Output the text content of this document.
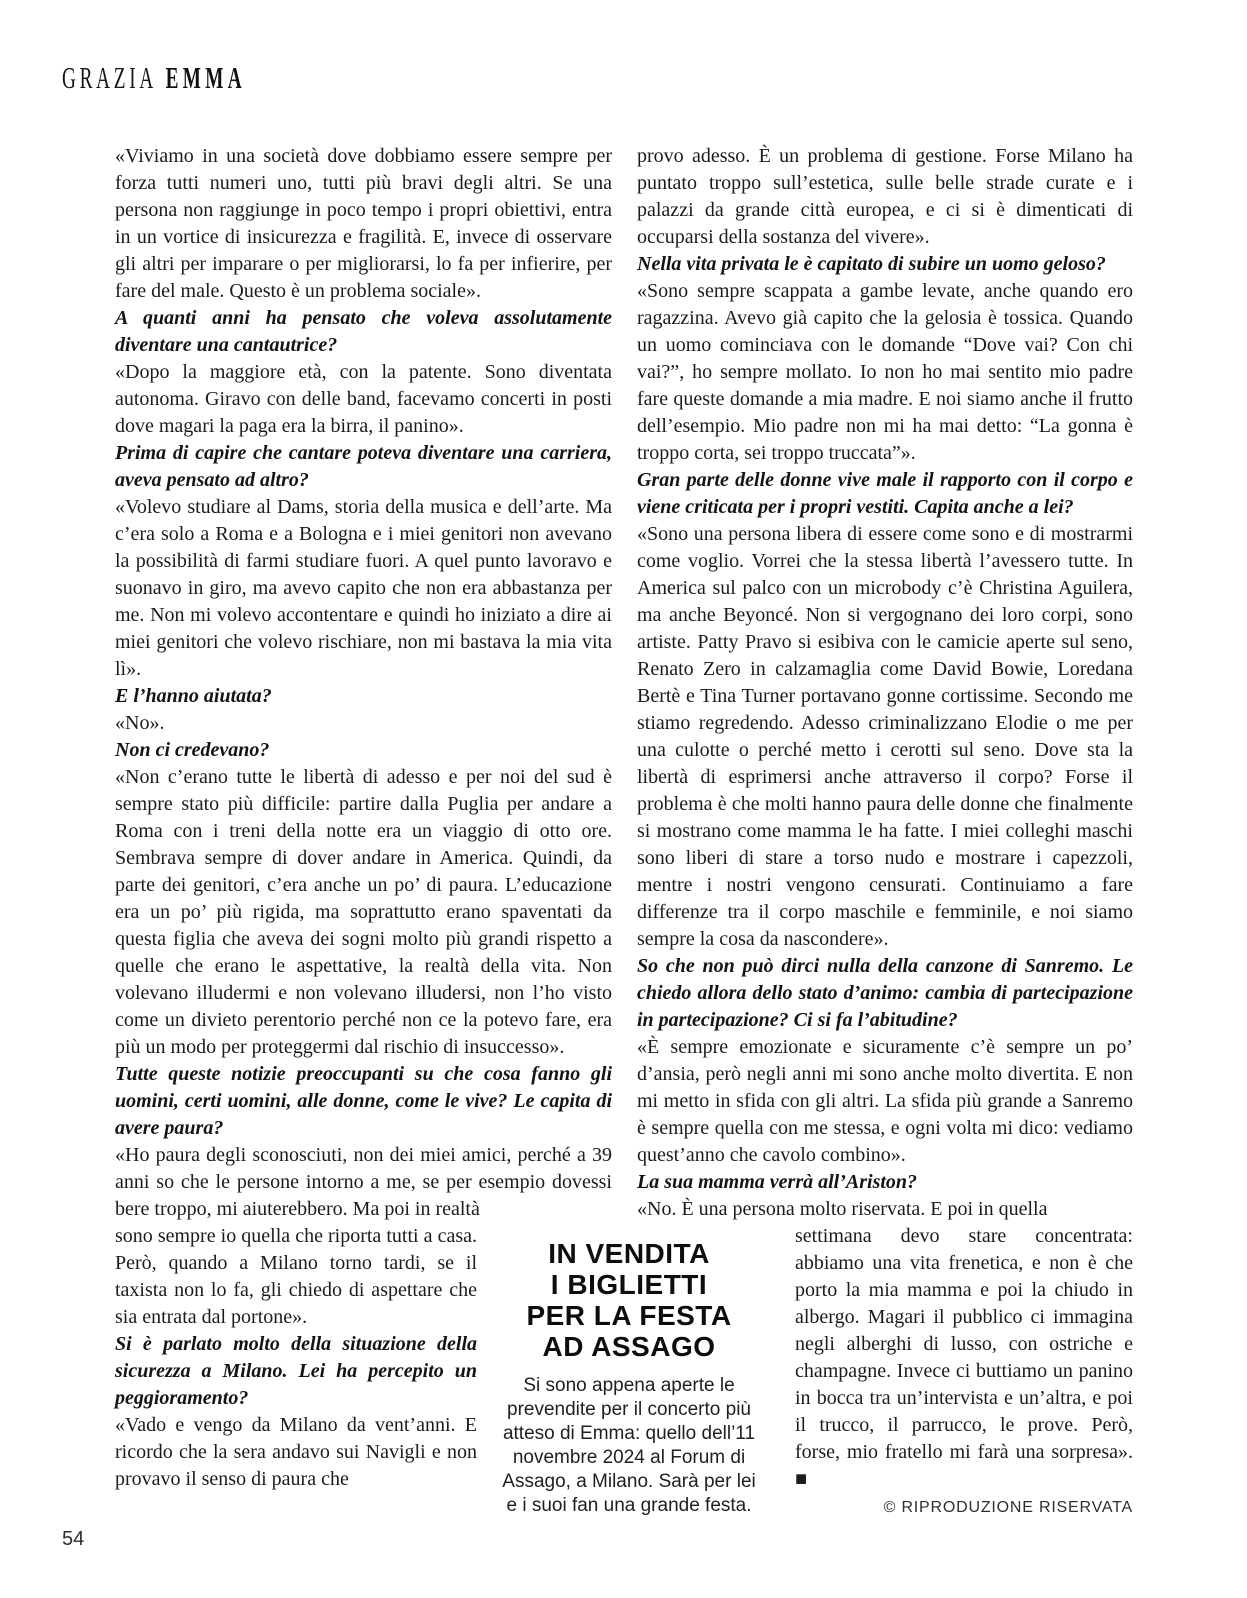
GRAZIA EMMA

«Viviamo in una società dove dobbiamo essere sempre per forza tutti numeri uno, tutti più bravi degli altri. Se una persona non raggiunge in poco tempo i propri obiettivi, entra in un vortice di insicurezza e fragilità. E, invece di osservare gli altri per imparare o per migliorarsi, lo fa per infierire, per fare del male. Questo è un problema sociale».

A quanti anni ha pensato che voleva assolutamente diventare una cantautrice?

«Dopo la maggiore età, con la patente. Sono diventata autonoma. Giravo con delle band, facevamo concerti in posti dove magari la paga era la birra, il panino».

Prima di capire che cantare poteva diventare una carriera, aveva pensato ad altro?

«Volevo studiare al Dams, storia della musica e dell’arte. Ma c’era solo a Roma e a Bologna e i miei genitori non avevano la possibilità di farmi studiare fuori. A quel punto lavoravo e suonavo in giro, ma avevo capito che non era abbastanza per me. Non mi volevo accontentare e quindi ho iniziato a dire ai miei genitori che volevo rischiare, non mi bastava la mia vita lì».

E l’hanno aiutata?

«No».

Non ci credevano?

«Non c’erano tutte le libertà di adesso e per noi del sud è sempre stato più difficile: partire dalla Puglia per andare a Roma con i treni della notte era un viaggio di otto ore. Sembrava sempre di dover andare in America. Quindi, da parte dei genitori, c’era anche un po’ di paura. L’educazione era un po’ più rigida, ma soprattutto erano spaventati da questa figlia che aveva dei sogni molto più grandi rispetto a quelle che erano le aspettative, la realtà della vita. Non volevano illudermi e non volevano illudersi, non l’ho visto come un divieto perentorio perché non ce la potevo fare, era più un modo per proteggermi dal rischio di insuccesso».

Tutte queste notizie preoccupanti su che cosa fanno gli uomini, certi uomini, alle donne, come le vive? Le capita di avere paura?

«Ho paura degli sconosciuti, non dei miei amici, perché a 39 anni so che le persone intorno a me, se per esempio dovessi bere troppo, mi aiuterebbero. Ma poi in realtà

sono sempre io quella che riporta tutti a casa. Però, quando a Milano torno tardi, se il taxista non lo fa, gli chiedo di aspettare che sia entrata dal portone».

Si è parlato molto della situazione della sicurezza a Milano. Lei ha percepito un peggioramento?

«Vado e vengo da Milano da vent’anni. E ricordo che la sera andavo sui Navigli e non provavo il senso di paura che

provo adesso. È un problema di gestione. Forse Milano ha puntato troppo sull’estetica, sulle belle strade curate e i palazzi da grande città europea, e ci si è dimenticati di occuparsi della sostanza del vivere».

Nella vita privata le è capitato di subire un uomo geloso?

«Sono sempre scappata a gambe levate, anche quando ero ragazzina. Avevo già capito che la gelosia è tossica. Quando un uomo cominciava con le domande “Dove vai? Con chi vai?”, ho sempre mollato. Io non ho mai sentito mio padre fare queste domande a mia madre. E noi siamo anche il frutto dell’esempio. Mio padre non mi ha mai detto: “La gonna è troppo corta, sei troppo truccata”».

Gran parte delle donne vive male il rapporto con il corpo e viene criticata per i propri vestiti. Capita anche a lei?

«Sono una persona libera di essere come sono e di mostrarmi come voglio. Vorrei che la stessa libertà l’avessero tutte. In America sul palco con un microbody c’è Christina Aguilera, ma anche Beyoncé. Non si vergognano dei loro corpi, sono artiste. Patty Pravo si esibiva con le camicie aperte sul seno, Renato Zero in calzamaglia come David Bowie, Loredana Bertè e Tina Turner portavano gonne cortissime. Secondo me stiamo regredendo. Adesso criminalizzano Elodie o me per una culotte o perché metto i cerotti sul seno. Dove sta la libertà di esprimersi anche attraverso il corpo? Forse il problema è che molti hanno paura delle donne che finalmente si mostrano come mamma le ha fatte. I miei colleghi maschi sono liberi di stare a torso nudo e mostrare i capezzoli, mentre i nostri vengono censurati. Continuiamo a fare differenze tra il corpo maschile e femminile, e noi siamo sempre la cosa da nascondere».

So che non può dirci nulla della canzone di Sanremo. Le chiedo allora dello stato d’animo: cambia di partecipazione in partecipazione? Ci si fa l’abitudine?

«È sempre emozionate e sicuramente c’è sempre un po’ d’ansia, però negli anni mi sono anche molto divertita. E non mi metto in sfida con gli altri. La sfida più grande a Sanremo è sempre quella con me stessa, e ogni volta mi dico: vediamo quest’anno che cavolo combino».

La sua mamma verrà all’Ariston?

«No. È una persona molto riservata. E poi in quella

settimana devo stare concentrata: abbiamo una vita frenetica, e non è che porto la mia mamma e poi la chiudo in albergo. Magari il pubblico ci immagina negli alberghi di lusso, con ostriche e champagne. Invece ci buttiamo un panino in bocca tra un’intervista e un’altra, e poi il trucco, il parrucco, le prove. Però, forse, mio fratello mi farà una sorpresa». ■

© RIPRODUZIONE RISERVATA
IN VENDITA
I BIGLIETTI
PER LA FESTA
AD ASSAGO

Si sono appena aperte le prevendite per il concerto più atteso di Emma: quello dell’11 novembre 2024 al Forum di Assago, a Milano. Sarà per lei e i suoi fan una grande festa.

54
